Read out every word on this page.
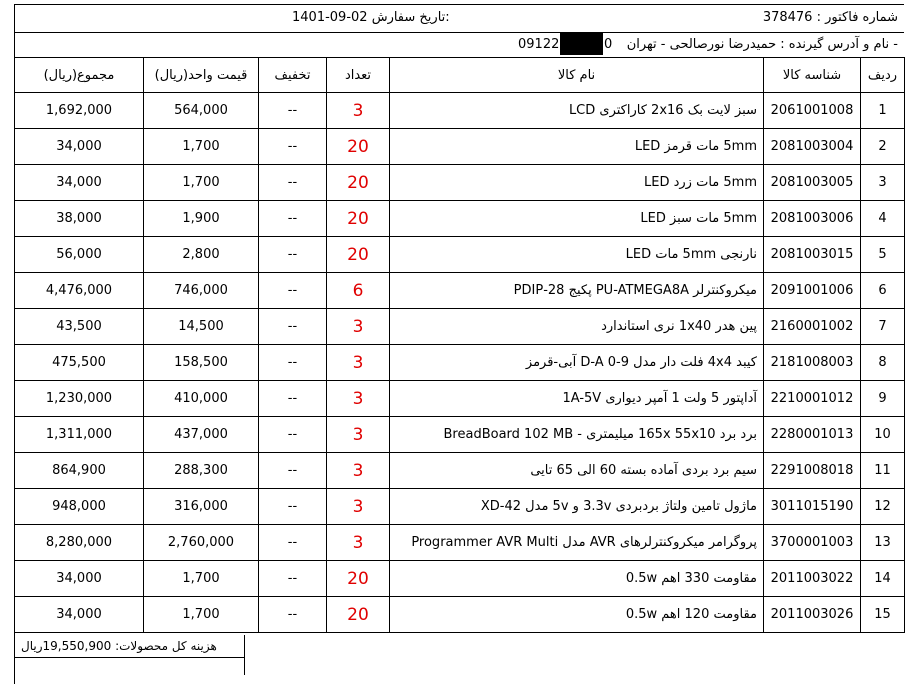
شماره فاکتور : 378476
1401-09-02 تاریخ سفارش:
نام و آدرس گیرنده : حمیدرضا نورصالحی - تهران -
09122	0
ردیف	شناسه کالا	نام کالا	تعداد	تخفیف	قیمت واحد(ریال)	مجموع(ریال)
1	2061001008	سبز لایت بک 2x16 کاراکتری LCD	3	--	564,000	1,692,000
2	2081003004	5mm مات قرمز LED	20	--	1,700	34,000
3	2081003005	5mm مات زرد LED	20	--	1,700	34,000
4	2081003006	5mm مات سبز LED	20	--	1,900	38,000
5	2081003015	نارنجی 5mm مات LED	20	--	2,800	56,000
6	2091001006	میکروکنترلر PU-ATMEGA8A پکیج 28-PDIP	6	--	746,000	4,476,000
7	2160001002	پین هدر 1x40 نری استاندارد	3	--	14,500	43,500
8	2181008003	کیبد 4x4 فلت دار مدل D-A 0-9 آبی-قرمز	3	--	158,500	475,500
9	2210001012	آداپتور 5 ولت 1 آمپر دیواری 1A-5V	3	--	410,000	1,230,000
10	2280001013	برد برد 165x 55x10 میلیمتری - BreadBoard 102 MB	3	--	437,000	1,311,000
11	2291008018	سیم برد بردی آماده بسته 60 الی 65 تایی	3	--	288,300	864,900
12	3011015190	ماژول تامین ولتاژ بردبردی 3.3v و 5v مدل 42-XD	3	--	316,000	948,000
13	3700001003	پروگرامر میکروکنترلرهای AVR مدل Programmer AVR Multi	3	--	2,760,000	8,280,000
14	2011003022	مقاومت 330 اهم 0.5w	20	--	1,700	34,000
15	2011003026	مقاومت 120 اهم 0.5w	20	--	1,700	34,000
هزینه کل محصولات: 19,550,900ریال
